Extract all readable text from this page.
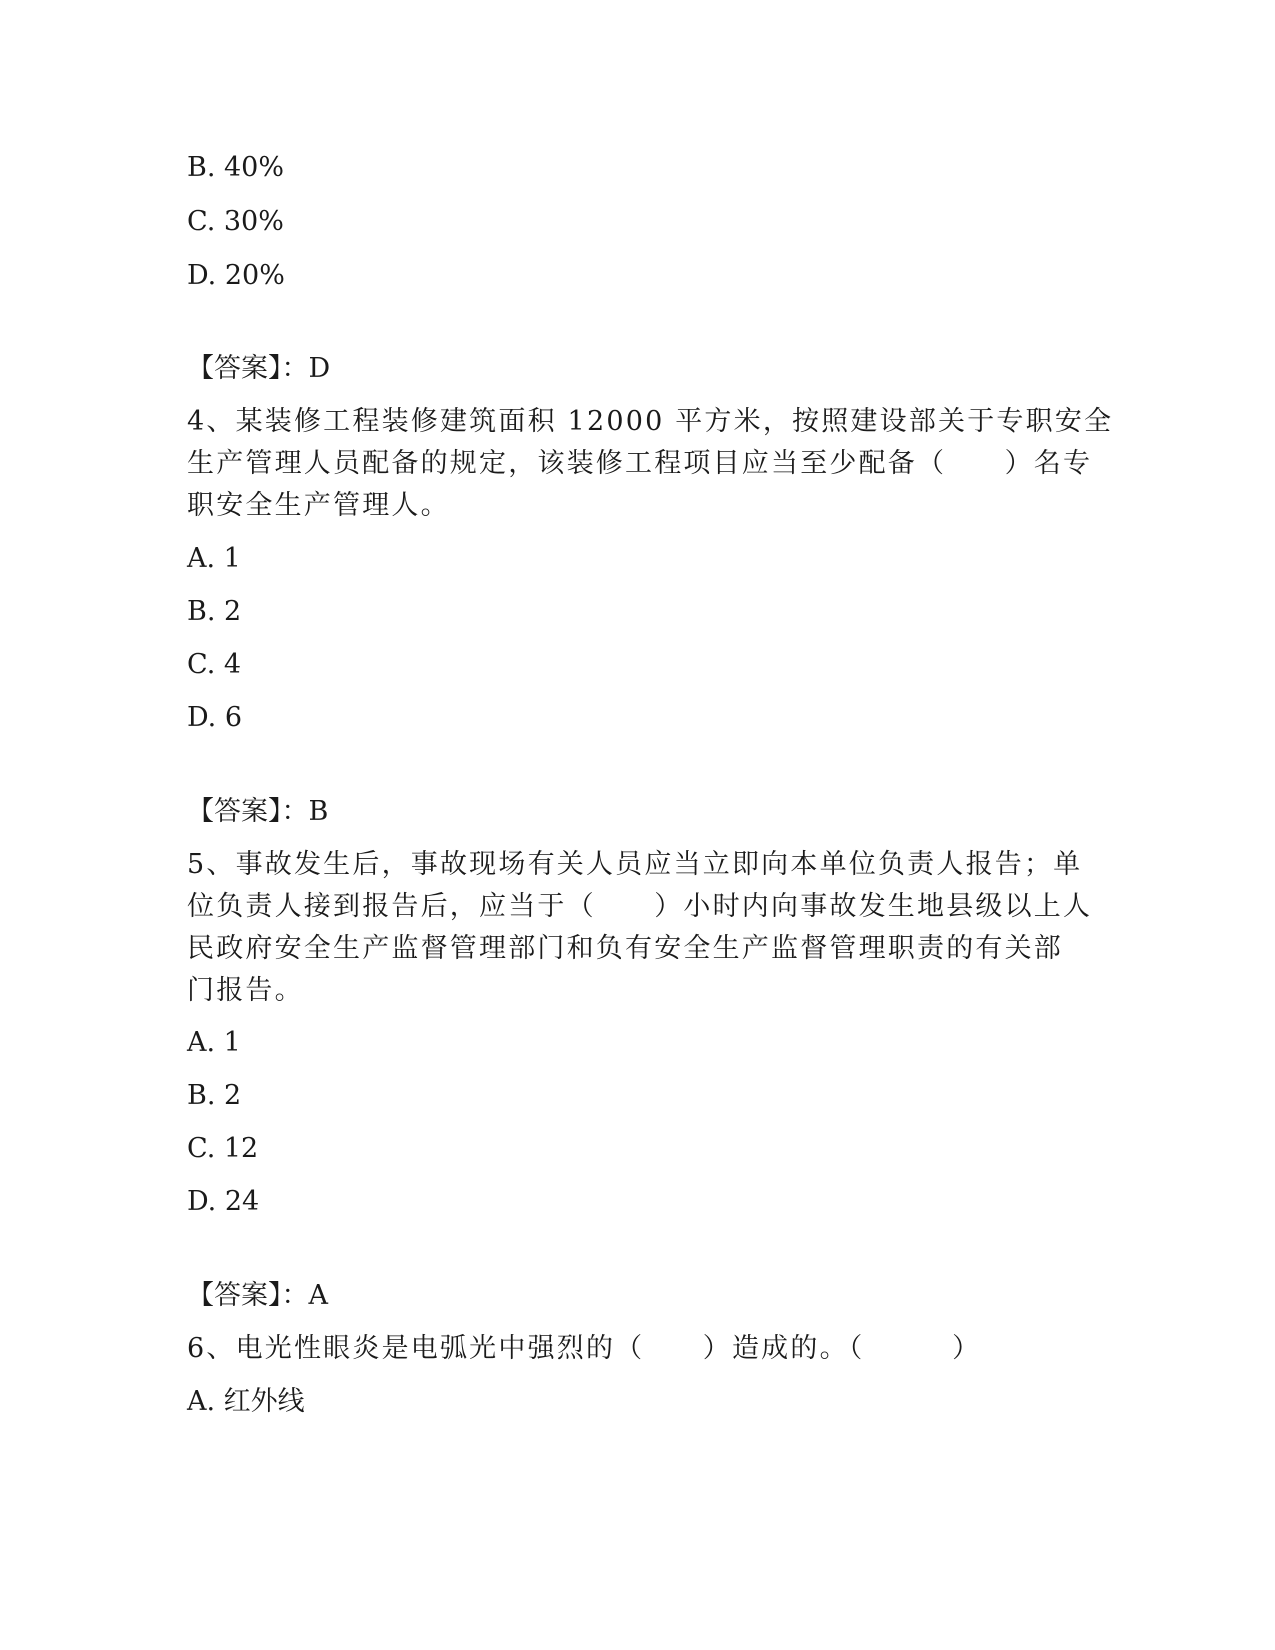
B. 40%
C. 30%
D. 20%
【答案】：D
4、某装修工程装修建筑面积 12000 平方米，按照建设部关于专职安全
生产管理人员配备的规定，该装修工程项目应当至少配备（　　）名专
职安全生产管理人。
A. 1
B. 2
C. 4
D. 6
【答案】：B
5、事故发生后，事故现场有关人员应当立即向本单位负责人报告；单
位负责人接到报告后，应当于（　　）小时内向事故发生地县级以上人
民政府安全生产监督管理部门和负有安全生产监督管理职责的有关部
门报告。
A. 1
B. 2
C. 12
D. 24
【答案】：A
6、电光性眼炎是电弧光中强烈的（　　）造成的。（　　　）
A. 红外线
